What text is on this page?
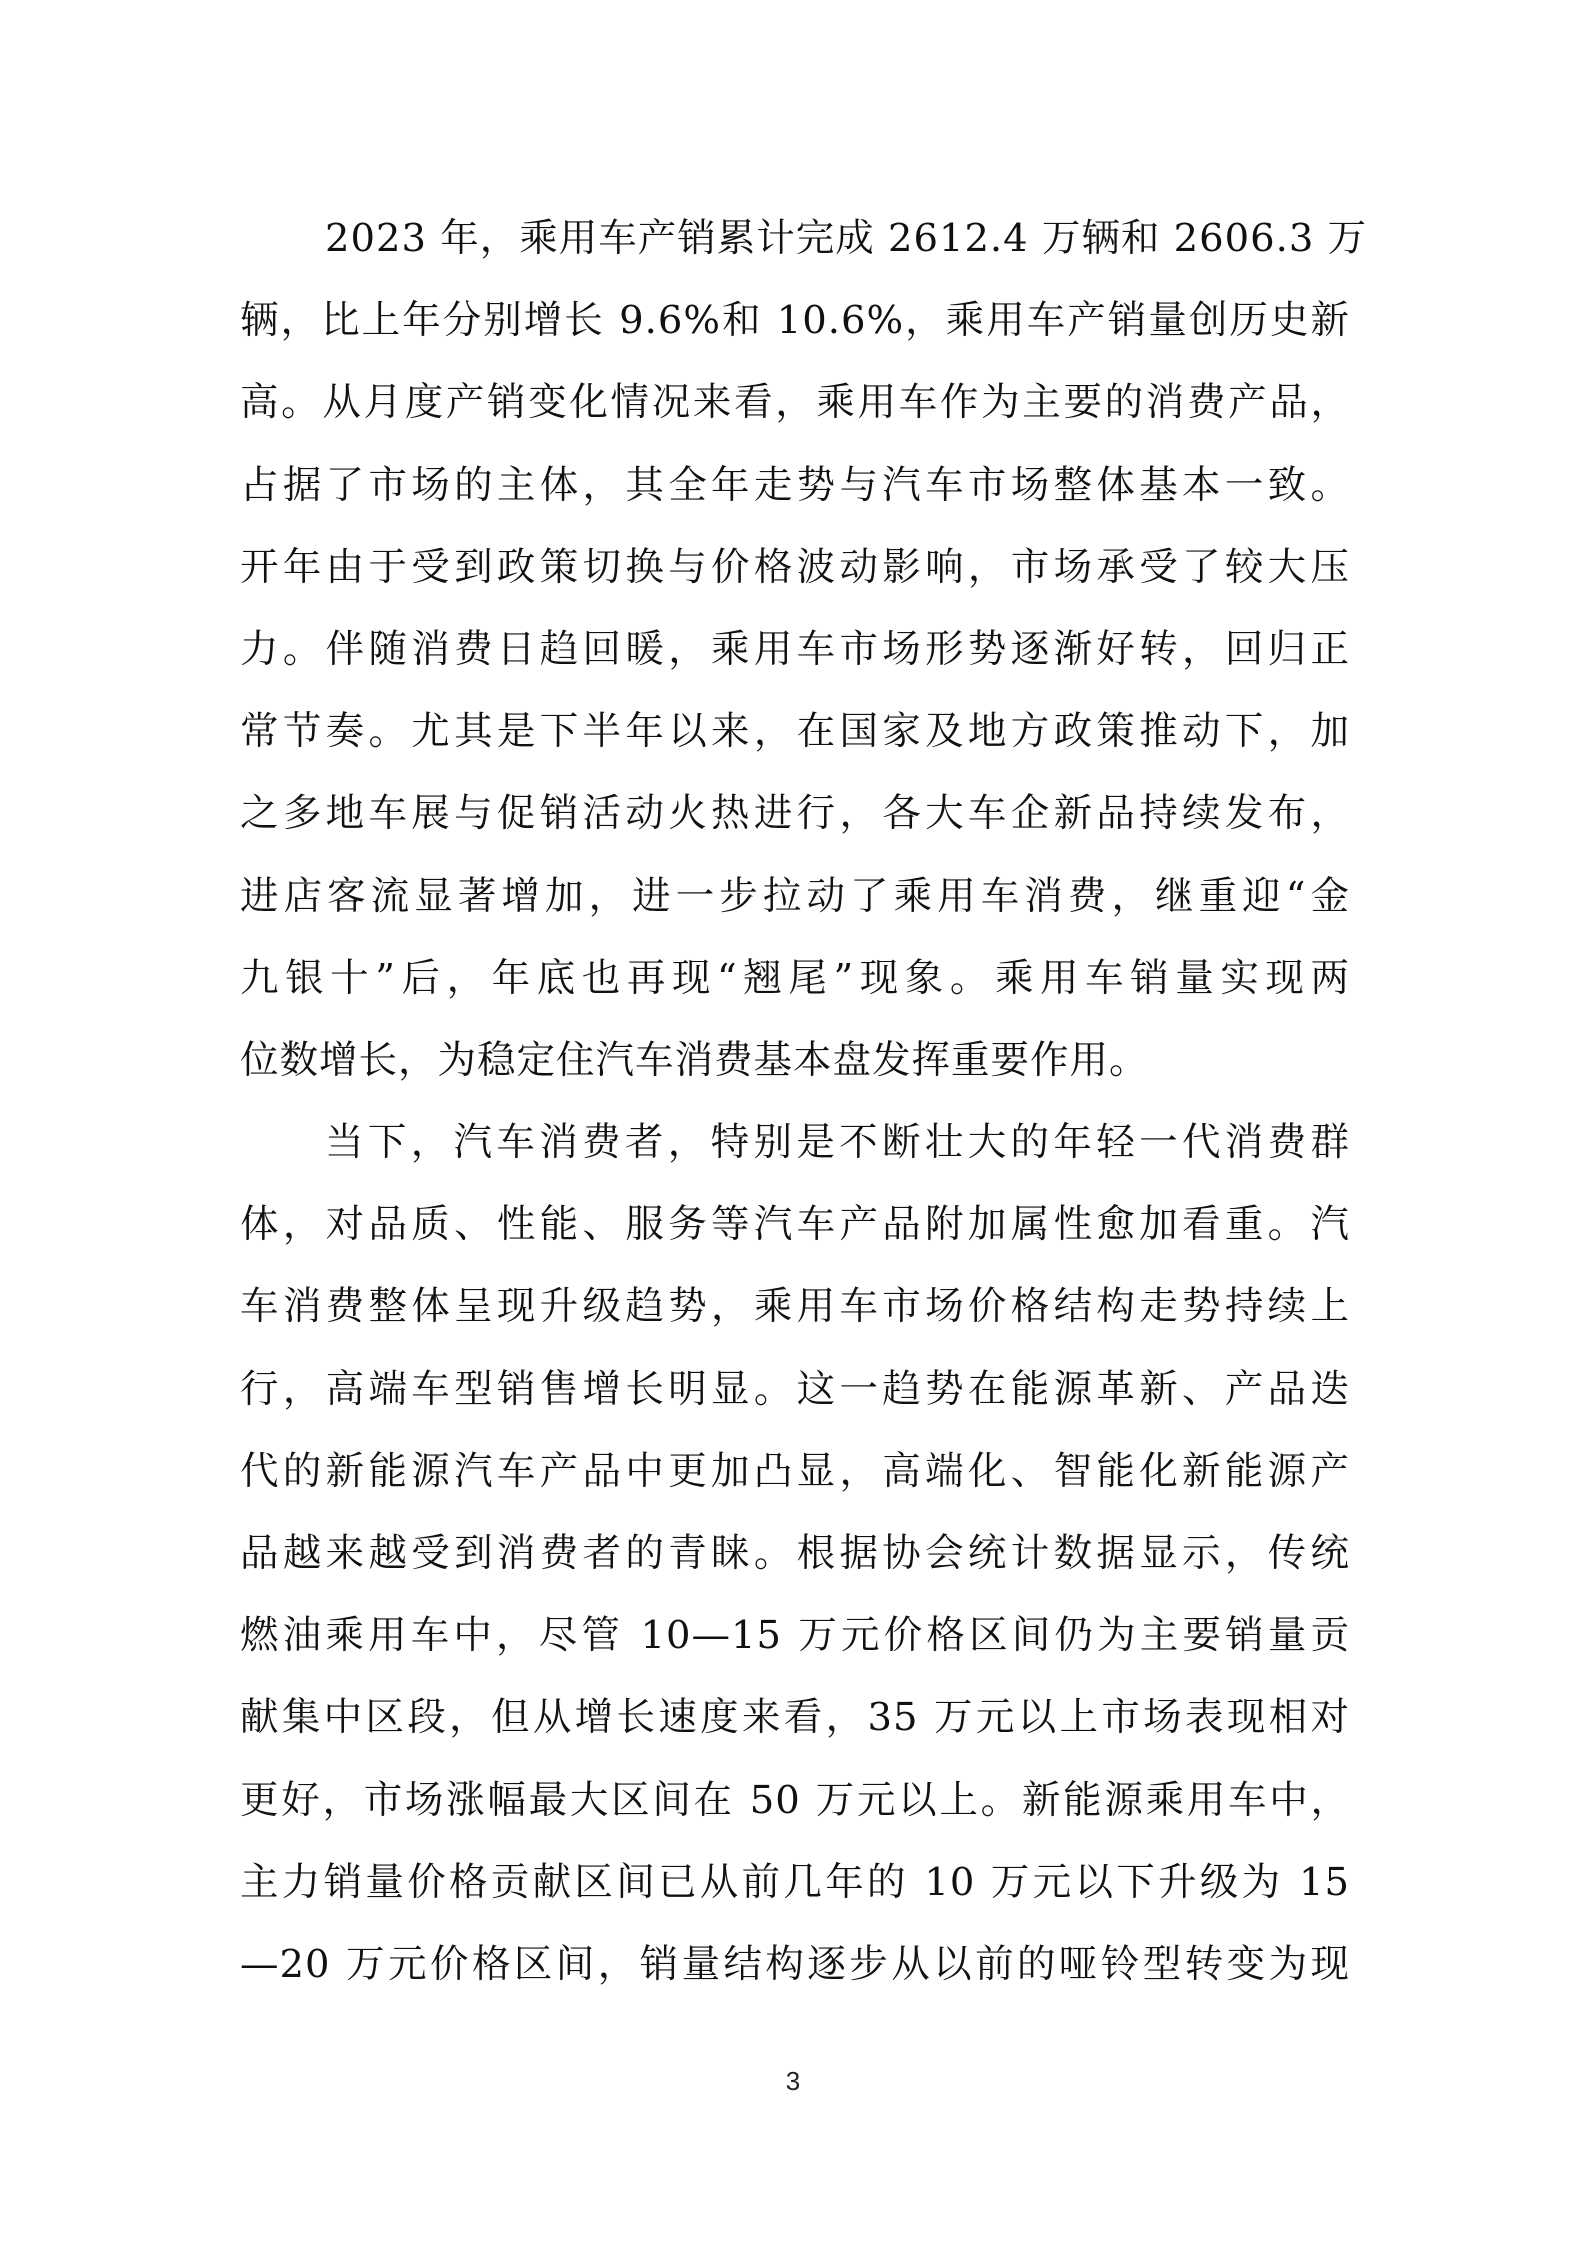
2023 年，乘用车产销累计完成 2612.4 万辆和 2606.3 万
辆，比上年分别增长 9.6%和 10.6%，乘用车产销量创历史新
高。从月度产销变化情况来看，乘用车作为主要的消费产品，
占据了市场的主体，其全年走势与汽车市场整体基本一致。
开年由于受到政策切换与价格波动影响，市场承受了较大压
力。伴随消费日趋回暖，乘用车市场形势逐渐好转，回归正
常节奏。尤其是下半年以来，在国家及地方政策推动下，加
之多地车展与促销活动火热进行，各大车企新品持续发布，
进店客流显著增加，进一步拉动了乘用车消费，继重迎“金
九银十”后，年底也再现“翘尾”现象。乘用车销量实现两
位数增长，为稳定住汽车消费基本盘发挥重要作用。
当下，汽车消费者，特别是不断壮大的年轻一代消费群
体，对品质、性能、服务等汽车产品附加属性愈加看重。汽
车消费整体呈现升级趋势，乘用车市场价格结构走势持续上
行，高端车型销售增长明显。这一趋势在能源革新、产品迭
代的新能源汽车产品中更加凸显，高端化、智能化新能源产
品越来越受到消费者的青睐。根据协会统计数据显示，传统
燃油乘用车中，尽管 10—15 万元价格区间仍为主要销量贡
献集中区段，但从增长速度来看，35 万元以上市场表现相对
更好，市场涨幅最大区间在 50 万元以上。新能源乘用车中，
主力销量价格贡献区间已从前几年的 10 万元以下升级为 15
—20 万元价格区间，销量结构逐步从以前的哑铃型转变为现
3
